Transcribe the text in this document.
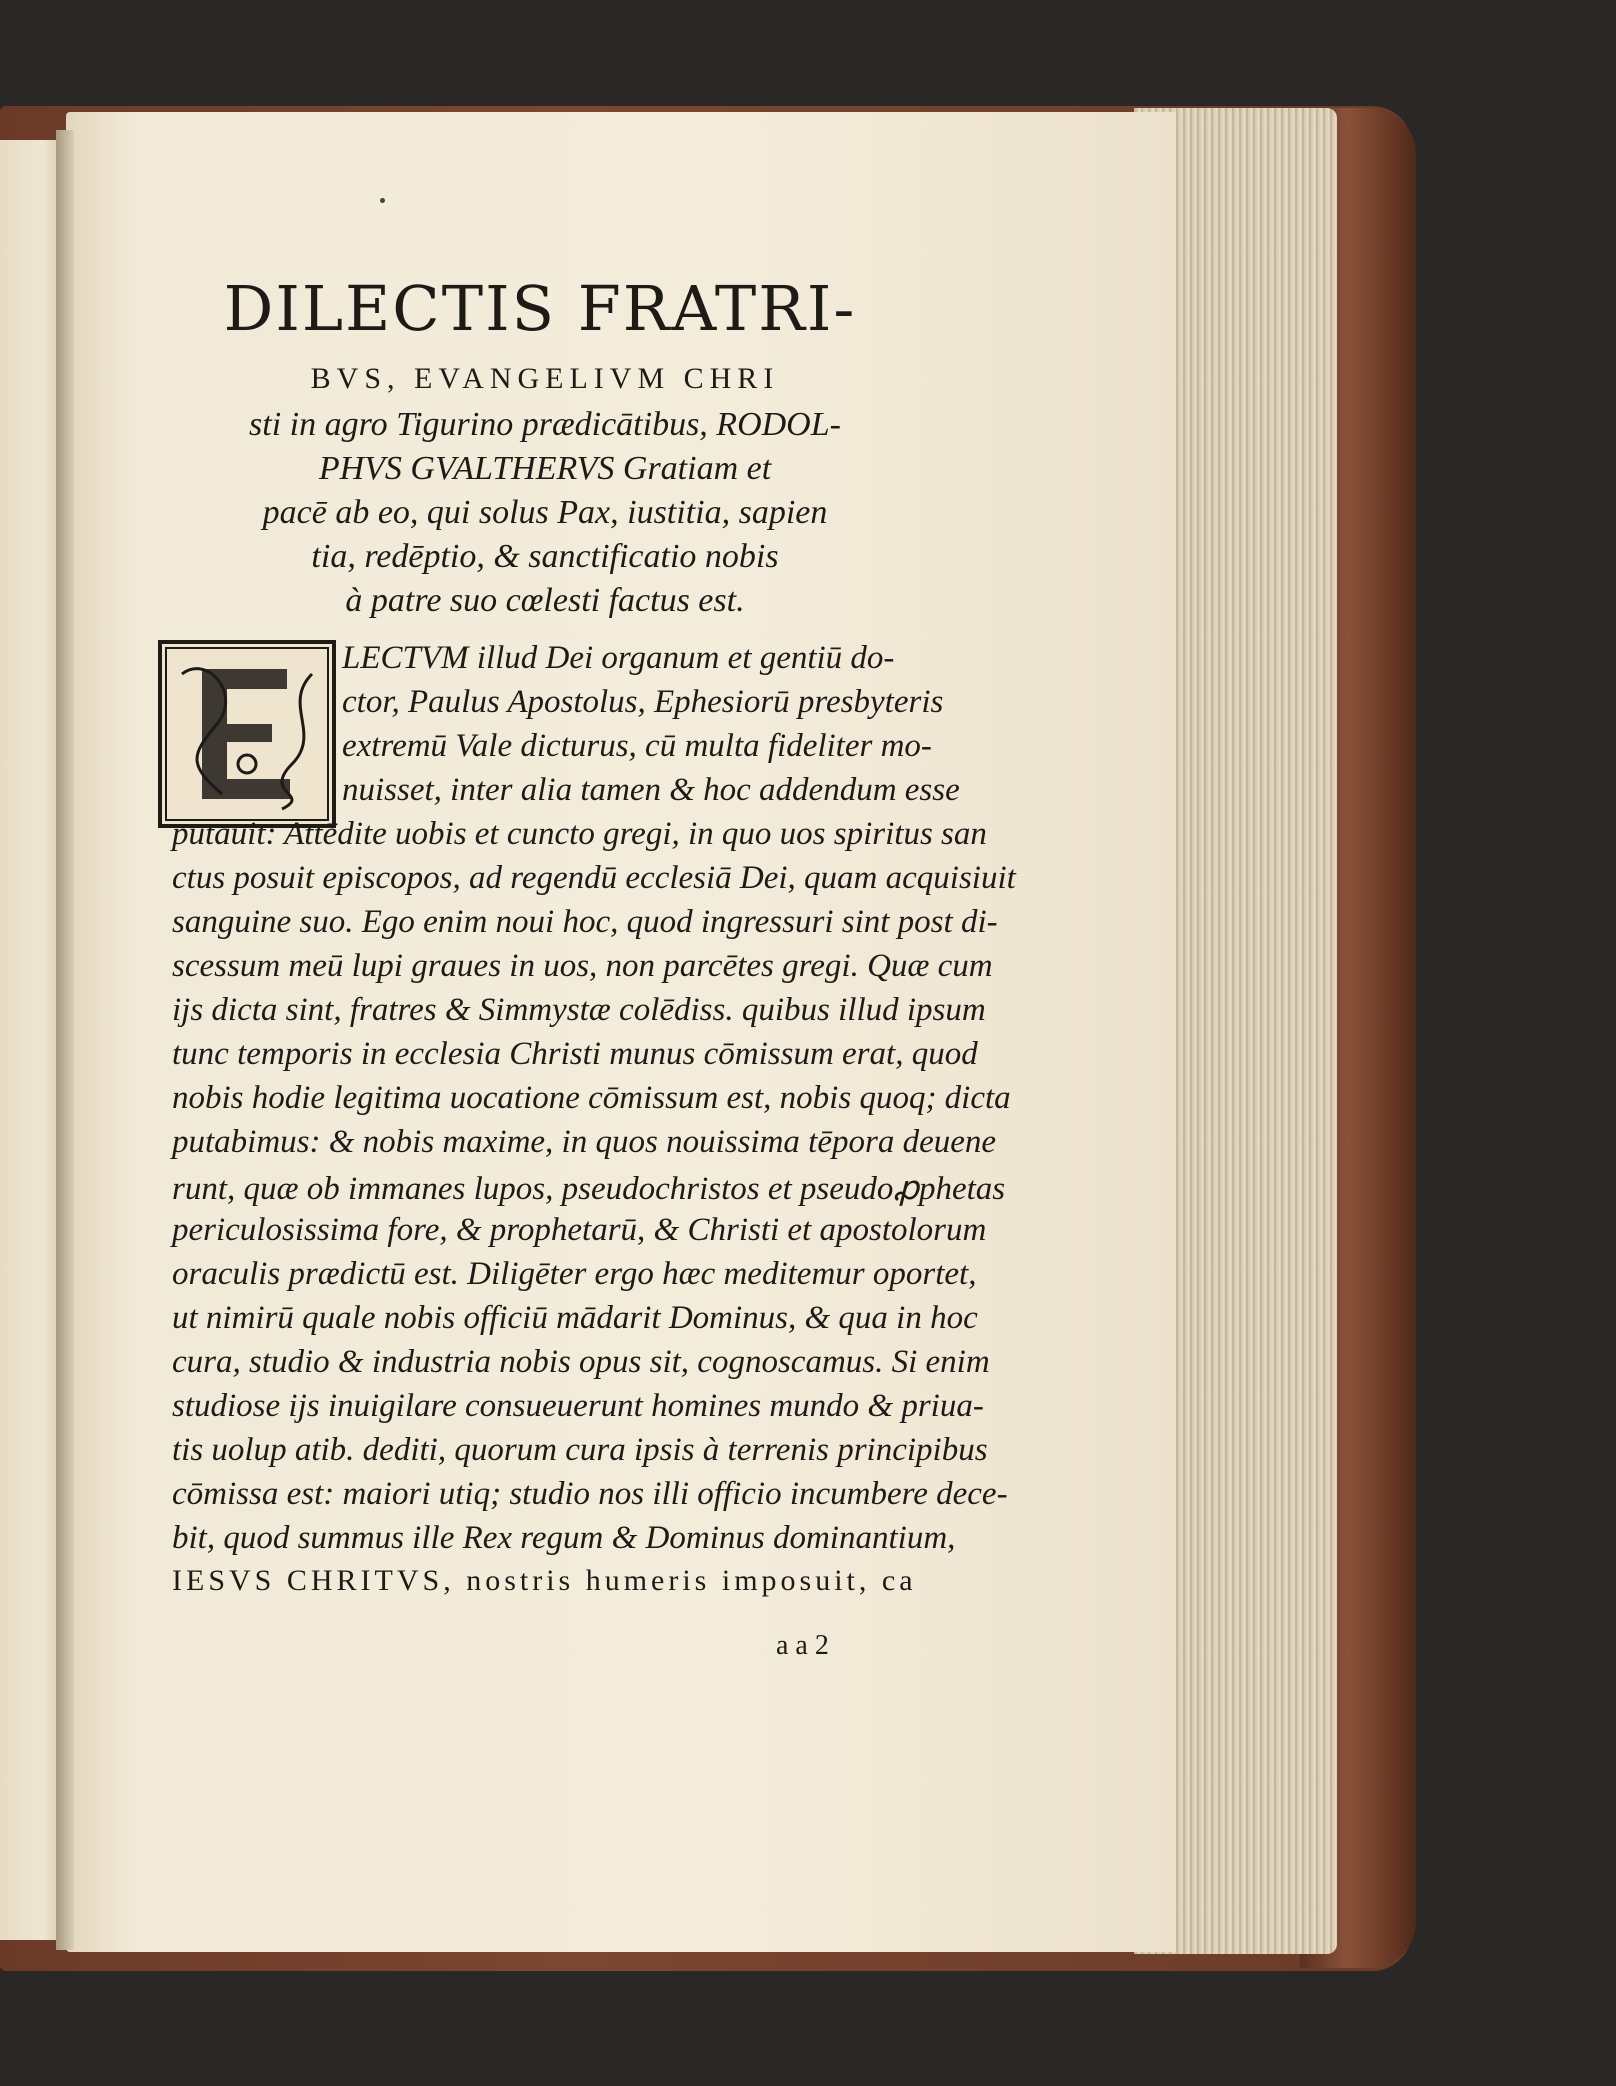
DILECTIS FRATRI-
BVS, EVANGELIVM CHRI
sti in agro Tigurino prædicātibus, RODOL-
PHVS GVALTHERVS Gratiam et
pacē ab eo, qui solus Pax, iustitia, sapien
tia, redēptio, & sanctificatio nobis
à patre suo cœlesti factus est.
LECTVM illud Dei organum et gentiū do-
ctor, Paulus Apostolus, Ephesiorū presbyteris
extremū Vale dicturus, cū multa fideliter mo-
nuisset, inter alia tamen & hoc addendum esse
putauit: Attēdite uobis et cuncto gregi, in quo uos spiritus san
ctus posuit episcopos, ad regendū ecclesiā Dei, quam acquisiuit
sanguine suo. Ego enim noui hoc, quod ingressuri sint post di-
scessum meū lupi graues in uos, non parcētes gregi. Quæ cum
ijs dicta sint, fratres & Simmystæ colēdiss. quibus illud ipsum
tunc temporis in ecclesia Christi munus cōmissum erat, quod
nobis hodie legitima uocatione cōmissum est, nobis quoq; dicta
putabimus: & nobis maxime, in quos nouissima tēpora deuene
runt, quæ ob immanes lupos, pseudochristos et pseudoꝓphetas
periculosissima fore, & prophetarū, & Christi et apostolorum
oraculis prædictū est. Diligēter ergo hæc meditemur oportet,
ut nimirū quale nobis officiū mādarit Dominus, & qua in hoc
cura, studio & industria nobis opus sit, cognoscamus. Si enim
studiose ijs inuigilare consueuerunt homines mundo & priua-
tis uolup atib. dediti, quorum cura ipsis à terrenis principibus
cōmissa est: maiori utiq; studio nos illi officio incumbere dece-
bit, quod summus ille Rex regum & Dominus dominantium,
IESVS CHRITVS, nostris humeris imposuit, ca
a a 2
